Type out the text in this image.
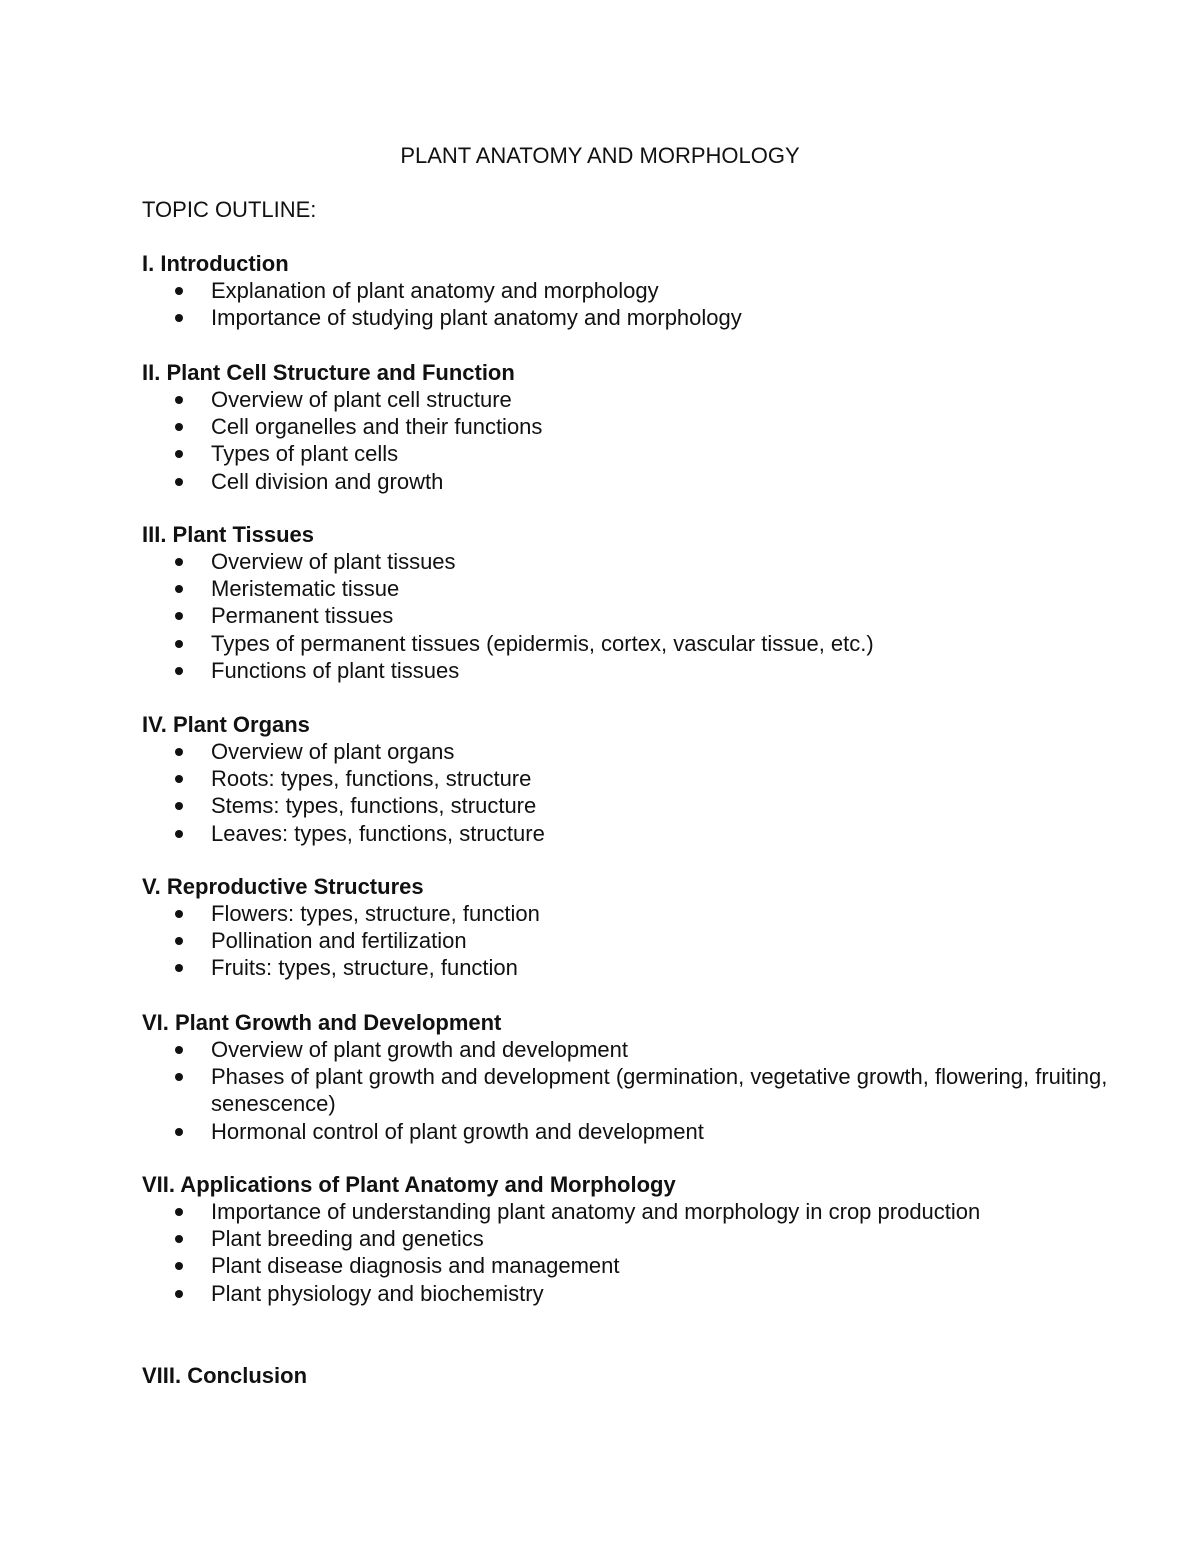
PLANT ANATOMY AND MORPHOLOGY

TOPIC OUTLINE:

I. Introduction

Explanation of plant anatomy and morphology
Importance of studying plant anatomy and morphology

II. Plant Cell Structure and Function

Overview of plant cell structure
Cell organelles and their functions
Types of plant cells
Cell division and growth

III. Plant Tissues

Overview of plant tissues
Meristematic tissue
Permanent tissues
Types of permanent tissues (epidermis, cortex, vascular tissue, etc.)
Functions of plant tissues

IV. Plant Organs

Overview of plant organs
Roots: types, functions, structure
Stems: types, functions, structure
Leaves: types, functions, structure

V. Reproductive Structures

Flowers: types, structure, function
Pollination and fertilization
Fruits: types, structure, function

VI. Plant Growth and Development

Overview of plant growth and development
Phases of plant growth and development (germination, vegetative growth, flowering, fruiting, senescence)
Hormonal control of plant growth and development

VII. Applications of Plant Anatomy and Morphology

Importance of understanding plant anatomy and morphology in crop production
Plant breeding and genetics
Plant disease diagnosis and management
Plant physiology and biochemistry

VIII. Conclusion
